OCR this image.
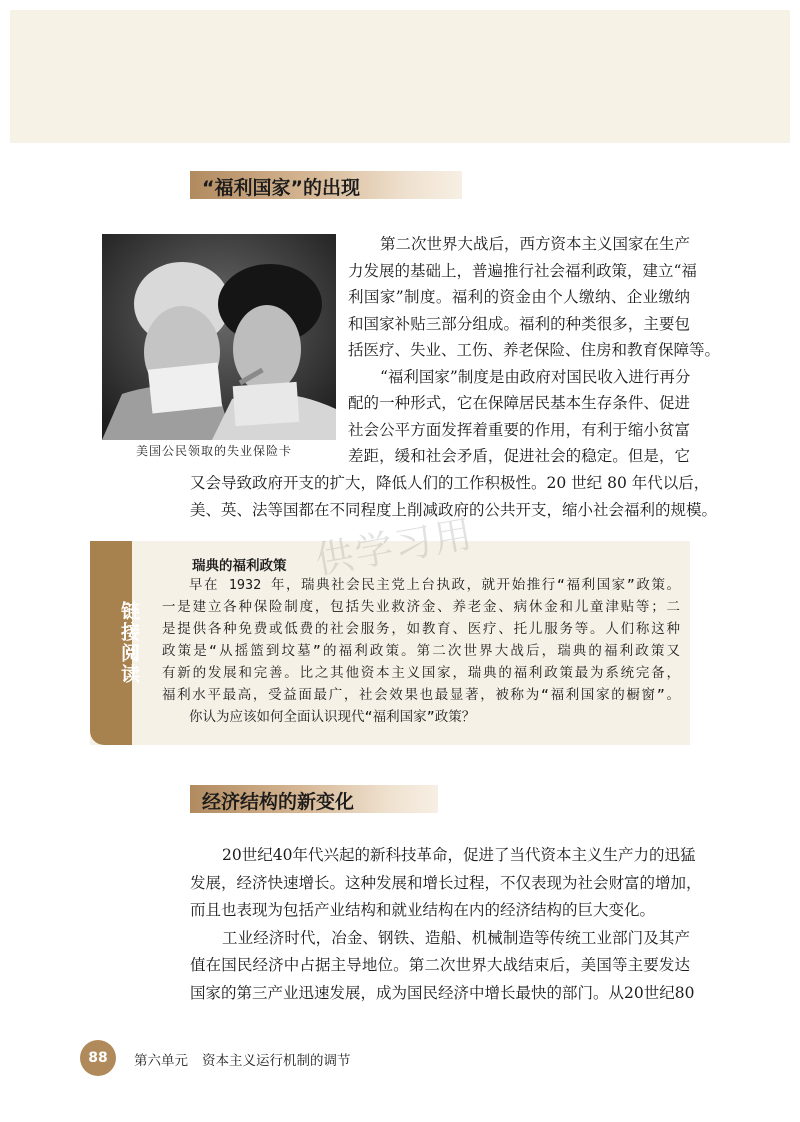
“福利国家”的出现
美国公民领取的失业保险卡
第二次世界大战后，西方资本主义国家在生产
力发展的基础上，普遍推行社会福利政策，建立“福
利国家”制度。福利的资金由个人缴纳、企业缴纳
和国家补贴三部分组成。福利的种类很多，主要包
括医疗、失业、工伤、养老保险、住房和教育保障等。
“福利国家”制度是由政府对国民收入进行再分
配的一种形式，它在保障居民基本生存条件、促进
社会公平方面发挥着重要的作用，有利于缩小贫富
差距，缓和社会矛盾，促进社会的稳定。但是，它
又会导致政府开支的扩大，降低人们的工作积极性。20 世纪 80 年代以后，
美、英、法等国都在不同程度上削减政府的公共开支，缩小社会福利的规模。
链接阅读
瑞典的福利政策
早在 1932 年，瑞典社会民主党上台执政，就开始推行“福利国家”政策。
一是建立各种保险制度，包括失业救济金、养老金、病休金和儿童津贴等；二
是提供各种免费或低费的社会服务，如教育、医疗、托儿服务等。人们称这种
政策是“从摇篮到坟墓”的福利政策。第二次世界大战后，瑞典的福利政策又
有新的发展和完善。比之其他资本主义国家，瑞典的福利政策最为系统完备，
福利水平最高，受益面最广，社会效果也最显著，被称为“福利国家的橱窗”。
你认为应该如何全面认识现代“福利国家”政策？
供学习用
经济结构的新变化
20世纪40年代兴起的新科技革命，促进了当代资本主义生产力的迅猛
发展，经济快速增长。这种发展和增长过程，不仅表现为社会财富的增加，
而且也表现为包括产业结构和就业结构在内的经济结构的巨大变化。
工业经济时代，冶金、钢铁、造船、机械制造等传统工业部门及其产
值在国民经济中占据主导地位。第二次世界大战结束后，美国等主要发达
国家的第三产业迅速发展，成为国民经济中增长最快的部门。从20世纪80
88	第六单元 资本主义运行机制的调节
